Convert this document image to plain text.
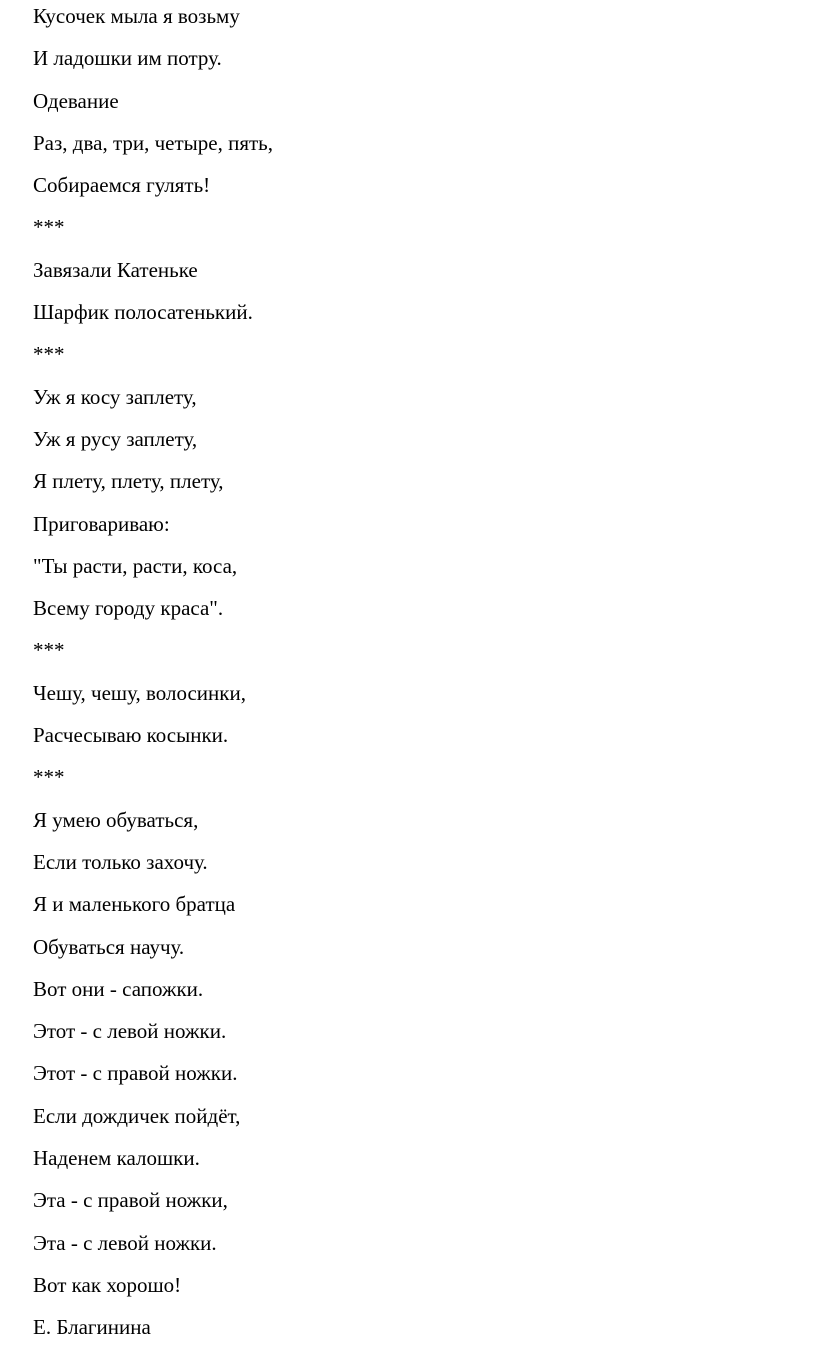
Кусочек мыла я возьму

И ладошки им потру.

Одевание

Раз, два, три, четыре, пять,

Собираемся гулять!

***

Завязали Катеньке

Шарфик полосатенький.

***

Уж я косу заплету,

Уж я русу заплету,

Я плету, плету, плету,

Приговариваю:

"Ты расти, расти, коса,

Всему городу краса".

***

Чешу, чешу, волосинки,

Расчесываю косынки.

***

Я умею обуваться,

Если только захочу.

Я и маленького братца

Обуваться научу.

Вот они - сапожки.

Этот - с левой ножки.

Этот - с правой ножки.

Если дождичек пойдёт,

Наденем калошки.

Эта - с правой ножки,

Эта - с левой ножки.

Вот как хорошо!

Е. Благинина
